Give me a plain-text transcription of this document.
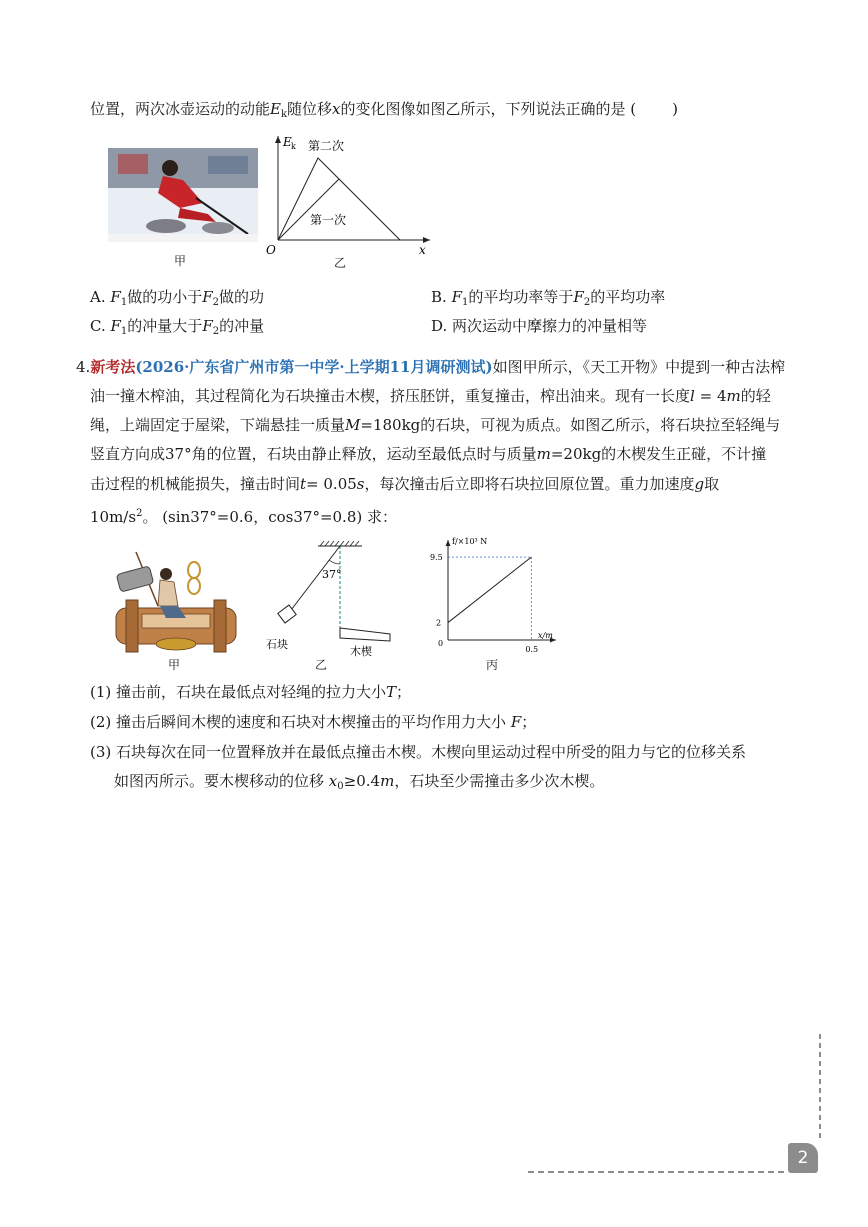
位置，两次冰壶运动的动能$E_k$随位移x的变化图像如图乙所示，下列说法正确的是 ( )
甲
E k 第二次
第一次
O	x
乙
A. $F_1$做的功小于$F_2$做的功	B. $F_1$的平均功率等于$F_2$的平均功率
C. $F_1$的冲量大于$F_2$的冲量	D. 两次运动中摩擦力的冲量相等
4.新考法(2026·广东省广州市第一中学·上学期11月调研测试)如图甲所示，《天工开物》中提到一种古法榨
油一撞木榨油，其过程简化为石块撞击木楔，挤压胚饼，重复撞击，榨出油来。现有一长度l = 4m的轻
绳，上端固定于屋梁，下端悬挂一质量M=180kg的石块，可视为质点。如图乙所示，将石块拉至轻绳与
竖直方向成37°角的位置，石块由静止释放，运动至最低点时与质量m=20kg的木楔发生正碰，不计撞
击过程的机械能损失，撞击时间t= 0.05s，每次撞击后立即将石块拉回原位置。重力加速度g取
$10m/s^2$。 (sin37°=0.6，cos37°=0.8) 求：
甲
37°
石块
木楔
乙
f/×10³ N
x/m
9.5
2
0
0.5
丙
(1) 撞击前，石块在最低点对轻绳的拉力大小T；
(2) 撞击后瞬间木楔的速度和石块对木楔撞击的平均作用力大小 F；
(3) 石块每次在同一位置释放并在最低点撞击木楔。木楔向里运动过程中所受的阻力与它的位移关系
如图丙所示。要木楔移动的位移 $x_0\ge 0.4m$，石块至少需撞击多少次木楔。
2
